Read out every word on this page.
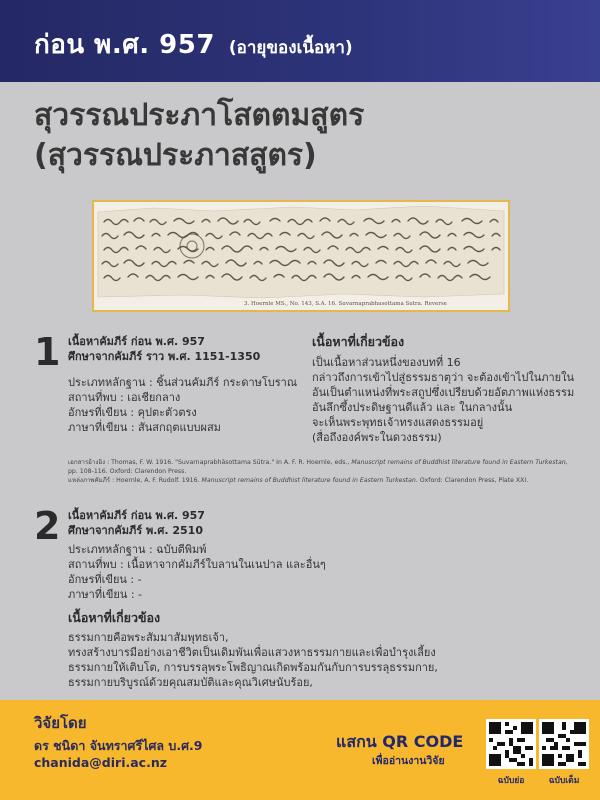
ก่อน พ.ศ. 957 (อายุของเนื้อหา)
สุวรรณประภาโสตตมสูตร
(สุวรรณประภาสสูตร)
3. Hoernle MS., No. 143, S.A. 16. Suvarnaprabhasottama Sutra. Reverse
1 เนื้อหาคัมภีร์ ก่อน พ.ศ. 957
ศึกษาจากคัมภีร์ ราว พ.ศ. 1151-1350
ประเภทหลักฐาน : ชิ้นส่วนคัมภีร์ กระดาษโบราณ
สถานที่พบ : เอเชียกลาง
อักษรที่เขียน : คุปตะตัวตรง
ภาษาที่เขียน : สันสกฤตแบบผสม
เนื้อหาที่เกี่ยวข้อง
เป็นเนื้อหาส่วนหนึ่งของบทที่ 16
กล่าวถึงการเข้าไปสู่ธรรมธาตุว่า จะต้องเข้าไปในภายใน
อันเป็นตำแหน่งที่พระสถูปซึ่งเปรียบด้วยอัตภาพแห่งธรรม
อันลึกซึ้งประดิษฐานดีแล้ว และ ในกลางนั้น
จะเห็นพระพุทธเจ้าทรงแสดงธรรมอยู่
(สื่อถึงองค์พระในดวงธรรม)
เอกสารอ้างอิง : Thomas, F. W. 1916. "Suvarnaprabhāsottama Sūtra." In A. F. R. Hoernle, eds., Manuscript remains of Buddhist literature found in Eastern Turkestan,
pp. 108-116. Oxford: Clarendon Press.
แหล่งภาพคัมภีร์ : Hoernle, A. F. Rudolf. 1916. Manuscript remains of Buddhist literature found in Eastern Turkestan. Oxford: Clarendon Press, Plate XXI.
2 เนื้อหาคัมภีร์ ก่อน พ.ศ. 957
ศึกษาจากคัมภีร์ พ.ศ. 2510
ประเภทหลักฐาน : ฉบับตีพิมพ์
สถานที่พบ : เนื้อหาจากคัมภีร์ใบลานในเนปาล และอื่นๆ
อักษรที่เขียน : -
ภาษาที่เขียน : -
เนื้อหาที่เกี่ยวข้อง
ธรรมกายคือพระสัมมาสัมพุทธเจ้า,
ทรงสร้างบารมีอย่างเอาชีวิตเป็นเดิมพันเพื่อแสวงหาธรรมกายและเพื่อบำรุงเลี้ยง
ธรรมกายให้เติบโต, การบรรลุพระโพธิญาณเกิดพร้อมกันกับการบรรลุธรรมกาย,
ธรรมกายบริบูรณ์ด้วยคุณสมบัติและคุณวิเศษนับร้อย,
วิจัยโดย
ดร ชนิดา จันทราศรีไศล บ.ศ.9
chanida@diri.ac.nz
แสกน QR CODE
เพื่ออ่านงานวิจัย
ฉบับย่อ	ฉบับเต็ม
